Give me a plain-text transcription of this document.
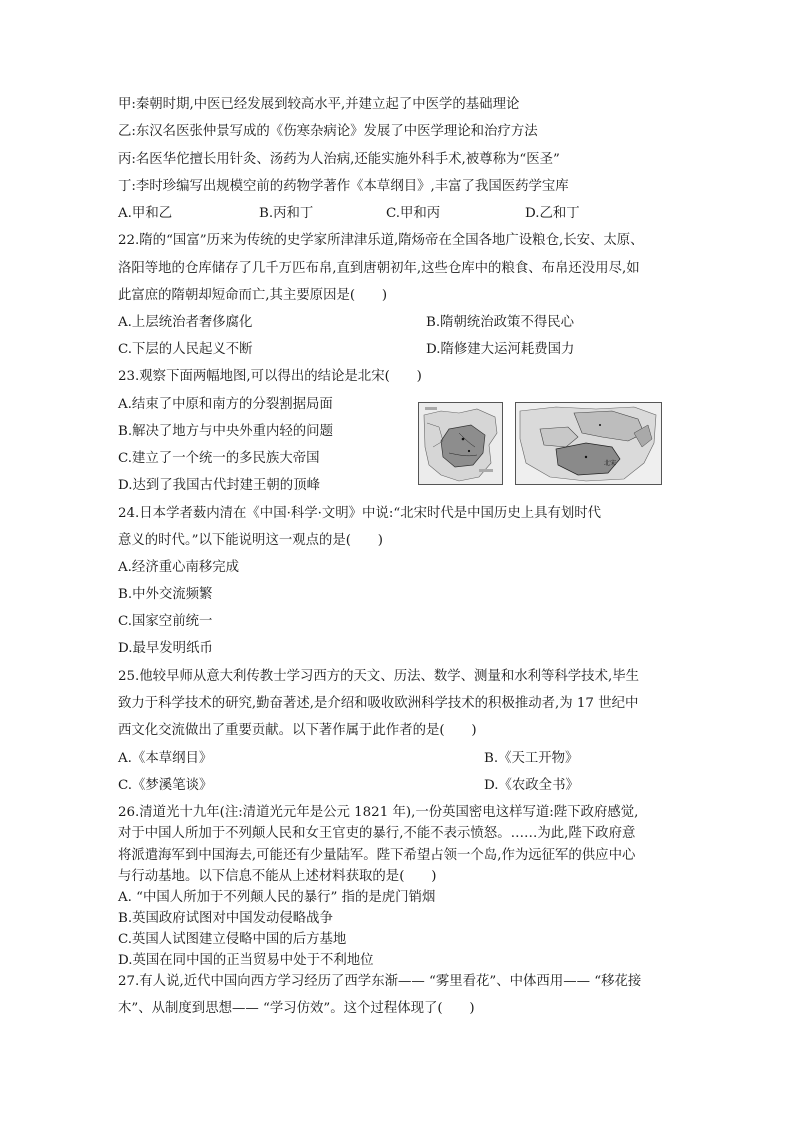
甲:秦朝时期,中医已经发展到较高水平,并建立起了中医学的基础理论
乙:东汉名医张仲景写成的《伤寒杂病论》发展了中医学理论和治疗方法
丙:名医华佗擅长用针灸、汤药为人治病,还能实施外科手术,被尊称为“医圣”
丁:李时珍编写出规模空前的药物学著作《本草纲目》,丰富了我国医药学宝库
A.甲和乙	B.丙和丁	C.甲和丙	D.乙和丁
22.隋的“国富”历来为传统的史学家所津津乐道,隋炀帝在全国各地广设粮仓,长安、太原、
洛阳等地的仓库储存了几千万匹布帛,直到唐朝初年,这些仓库中的粮食、布帛还没用尽,如
此富庶的隋朝却短命而亡,其主要原因是(　　)
A.上层统治者奢侈腐化	B.隋朝统治政策不得民心
C.下层的人民起义不断	D.隋修建大运河耗费国力
23.观察下面两幅地图,可以得出的结论是北宋(　　)
A.结束了中原和南方的分裂割据局面
B.解决了地方与中央外重内轻的问题
C.建立了一个统一的多民族大帝国
D.达到了我国古代封建王朝的顶峰
北宋
24.日本学者薮内清在《中国·科学·文明》中说:“北宋时代是中国历史上具有划时代
意义的时代。”以下能说明这一观点的是(　　)
A.经济重心南移完成
B.中外交流频繁
C.国家空前统一
D.最早发明纸币
25.他较早师从意大利传教士学习西方的天文、历法、数学、测量和水利等科学技术,毕生
致力于科学技术的研究,勤奋著述,是介绍和吸收欧洲科学技术的积极推动者,为 17 世纪中
西文化交流做出了重要贡献。以下著作属于此作者的是(　　)
A.《本草纲目》	B.《天工开物》
C.《梦溪笔谈》	D.《农政全书》
26.清道光十九年(注:清道光元年是公元 1821 年),一份英国密电这样写道:陛下政府感觉,
对于中国人所加于不列颠人民和女王官吏的暴行,不能不表示愤怒。……为此,陛下政府意
将派遣海军到中国海去,可能还有少量陆军。陛下希望占领一个岛,作为远征军的供应中心
与行动基地。以下信息不能从上述材料获取的是(　　)
A. “中国人所加于不列颠人民的暴行” 指的是虎门销烟
B.英国政府试图对中国发动侵略战争
C.英国人试图建立侵略中国的后方基地
D.英国在同中国的正当贸易中处于不利地位
27.有人说,近代中国向西方学习经历了西学东渐—— “雾里看花”、中体西用—— “移花接
木”、从制度到思想—— “学习仿效”。这个过程体现了(　　)
